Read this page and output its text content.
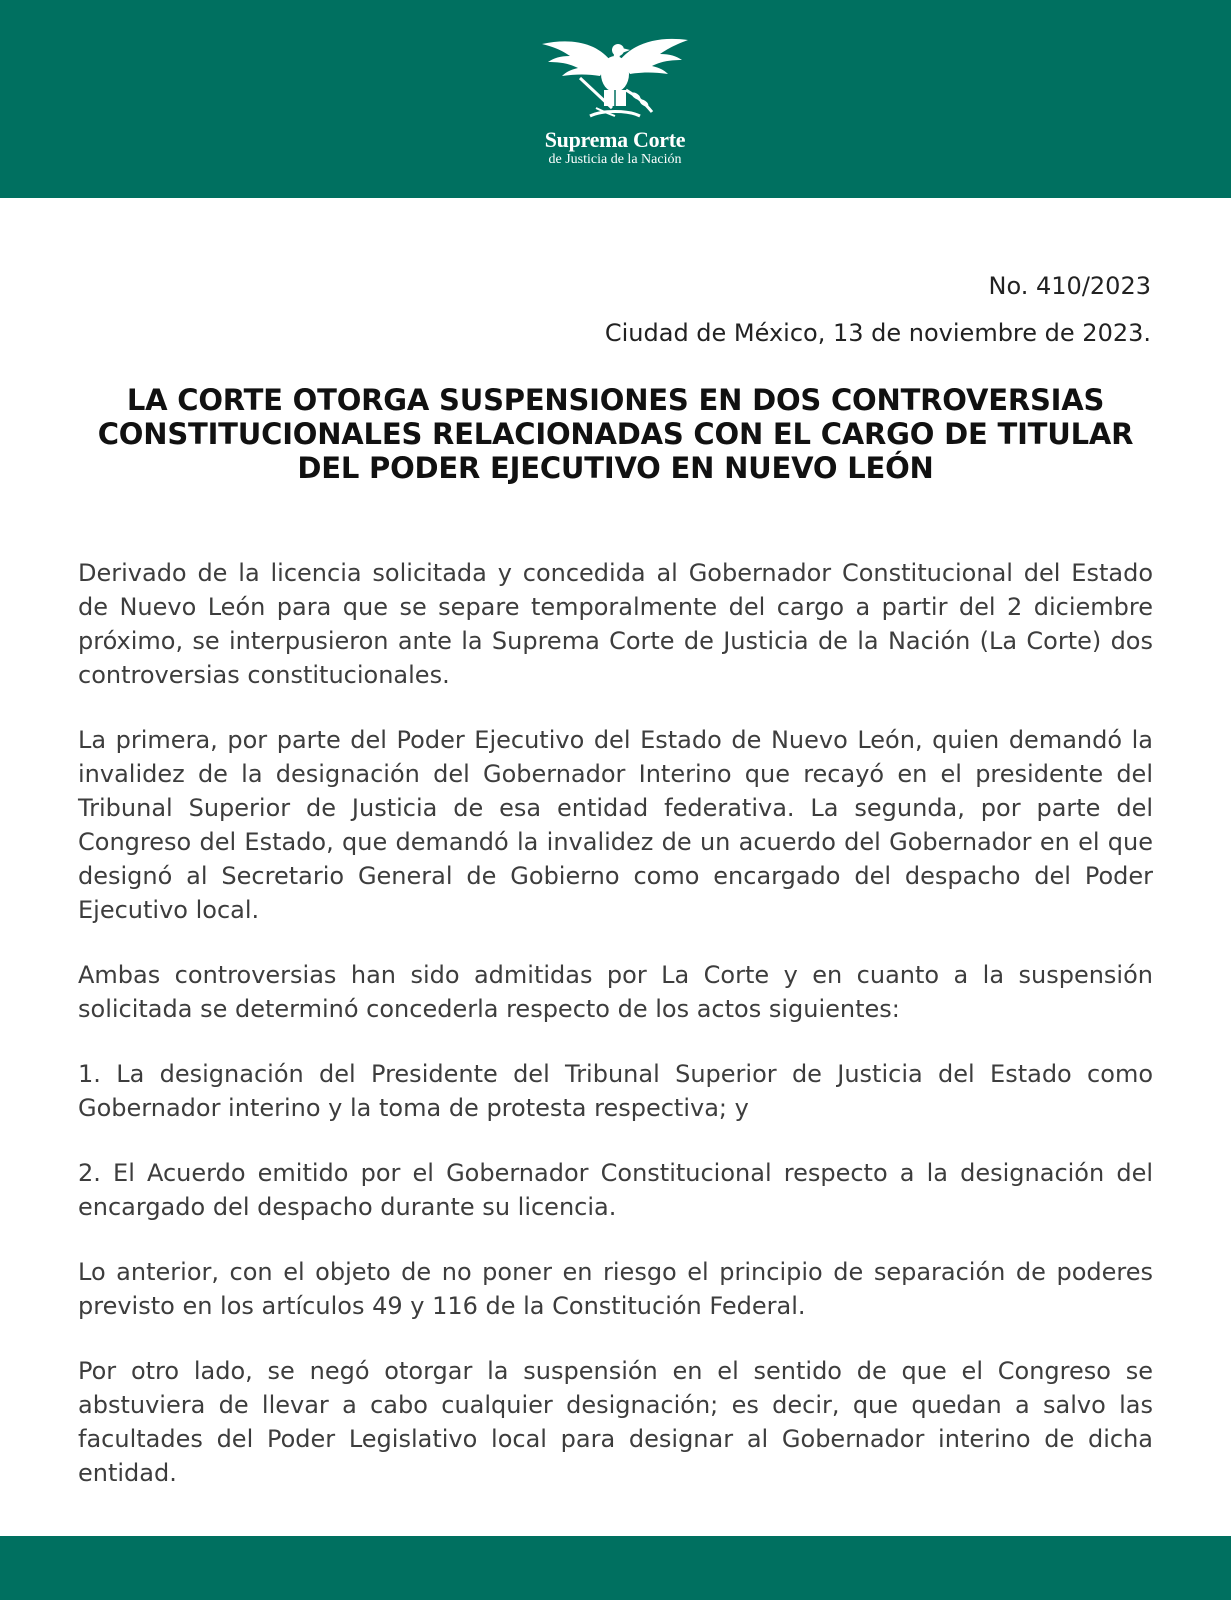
Suprema Corte
de Justicia de la Nación
No. 410/2023
Ciudad de México, 13 de noviembre de 2023.
LA CORTE OTORGA SUSPENSIONES EN DOS CONTROVERSIAS CONSTITUCIONALES RELACIONADAS CON EL CARGO DE TITULAR DEL PODER EJECUTIVO EN NUEVO LEÓN

Derivado de la licencia solicitada y concedida al Gobernador Constitucional del Estado de Nuevo León para que se separe temporalmente del cargo a partir del 2 diciembre próximo, se interpusieron ante la Suprema Corte de Justicia de la Nación (La Corte) dos controversias constitucionales.

La primera, por parte del Poder Ejecutivo del Estado de Nuevo León, quien demandó la invalidez de la designación del Gobernador Interino que recayó en el presidente del Tribunal Superior de Justicia de esa entidad federativa. La segunda, por parte del Congreso del Estado, que demandó la invalidez de un acuerdo del Gobernador en el que designó al Secretario General de Gobierno como encargado del despacho del Poder Ejecutivo local.

Ambas controversias han sido admitidas por La Corte y en cuanto a la suspensión solicitada se determinó concederla respecto de los actos siguientes:

1. La designación del Presidente del Tribunal Superior de Justicia del Estado como Gobernador interino y la toma de protesta respectiva; y

2. El Acuerdo emitido por el Gobernador Constitucional respecto a la designación del encargado del despacho durante su licencia.

Lo anterior, con el objeto de no poner en riesgo el principio de separación de poderes previsto en los artículos 49 y 116 de la Constitución Federal.

Por otro lado, se negó otorgar la suspensión en el sentido de que el Congreso se abstuviera de llevar a cabo cualquier designación; es decir, que quedan a salvo las facultades del Poder Legislativo local para designar al Gobernador interino de dicha entidad.
